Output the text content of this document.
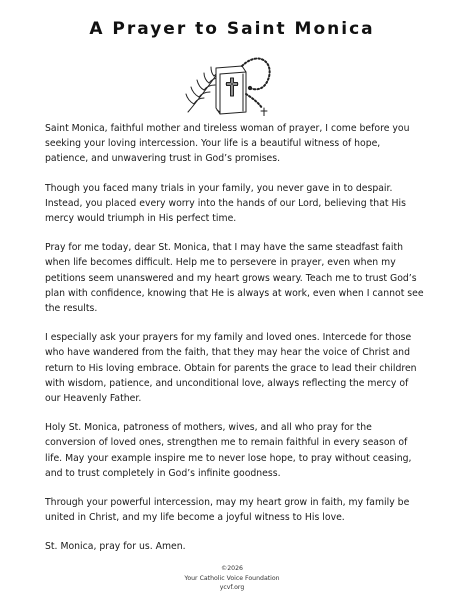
A Prayer to Saint Monica

Saint Monica, faithful mother and tireless woman of prayer, I come before you seeking your loving intercession. Your life is a beautiful witness of hope, patience, and unwavering trust in God’s promises.

Though you faced many trials in your family, you never gave in to despair. Instead, you placed every worry into the hands of our Lord, believing that His mercy would triumph in His perfect time.

Pray for me today, dear St. Monica, that I may have the same steadfast faith when life becomes difficult. Help me to persevere in prayer, even when my petitions seem unanswered and my heart grows weary. Teach me to trust God’s plan with confidence, knowing that He is always at work, even when I cannot see the results.

I especially ask your prayers for my family and loved ones. Intercede for those who have wandered from the faith, that they may hear the voice of Christ and return to His loving embrace. Obtain for parents the grace to lead their children with wisdom, patience, and unconditional love, always reflecting the mercy of our Heavenly Father.

Holy St. Monica, patroness of mothers, wives, and all who pray for the conversion of loved ones, strengthen me to remain faithful in every season of life. May your example inspire me to never lose hope, to pray without ceasing, and to trust completely in God’s infinite goodness.

Through your powerful intercession, may my heart grow in faith, my family be united in Christ, and my life become a joyful witness to His love.

St. Monica, pray for us. Amen.

©2026
Your Catholic Voice Foundation
ycvf.org
